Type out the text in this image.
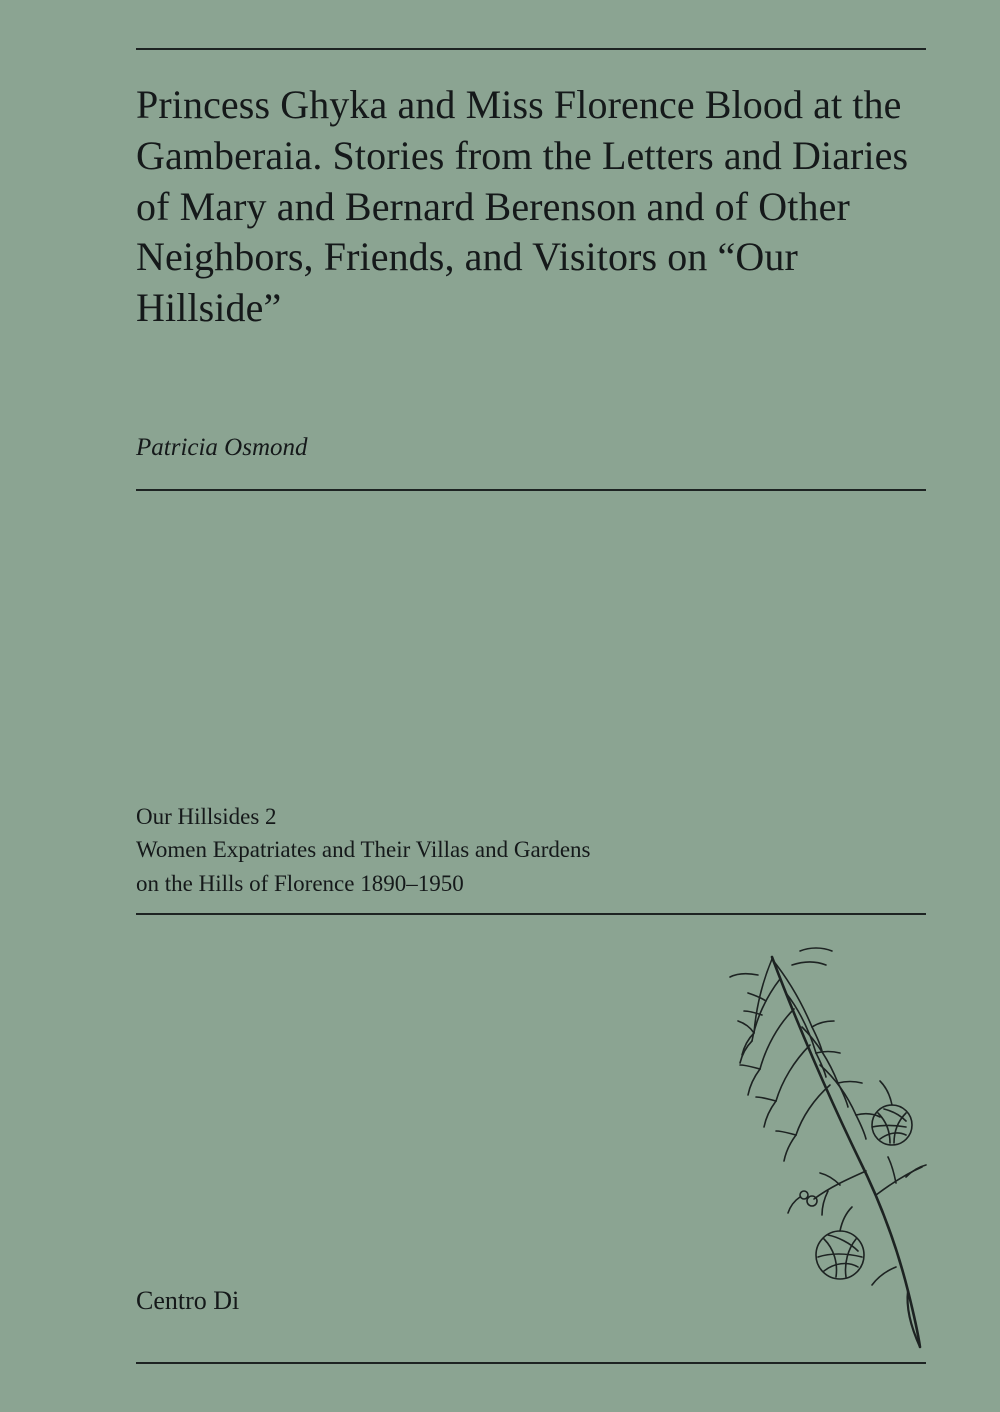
Princess Ghyka and Miss Florence Blood at the Gamberaia. Stories from the Letters and Diaries of Mary and Bernard Berenson and of Other Neighbors, Friends, and Visitors on “Our Hillside”
Patricia Osmond
Our Hillsides 2
Women Expatriates and Their Villas and Gardens
on the Hills of Florence 1890–1950
Centro Di
